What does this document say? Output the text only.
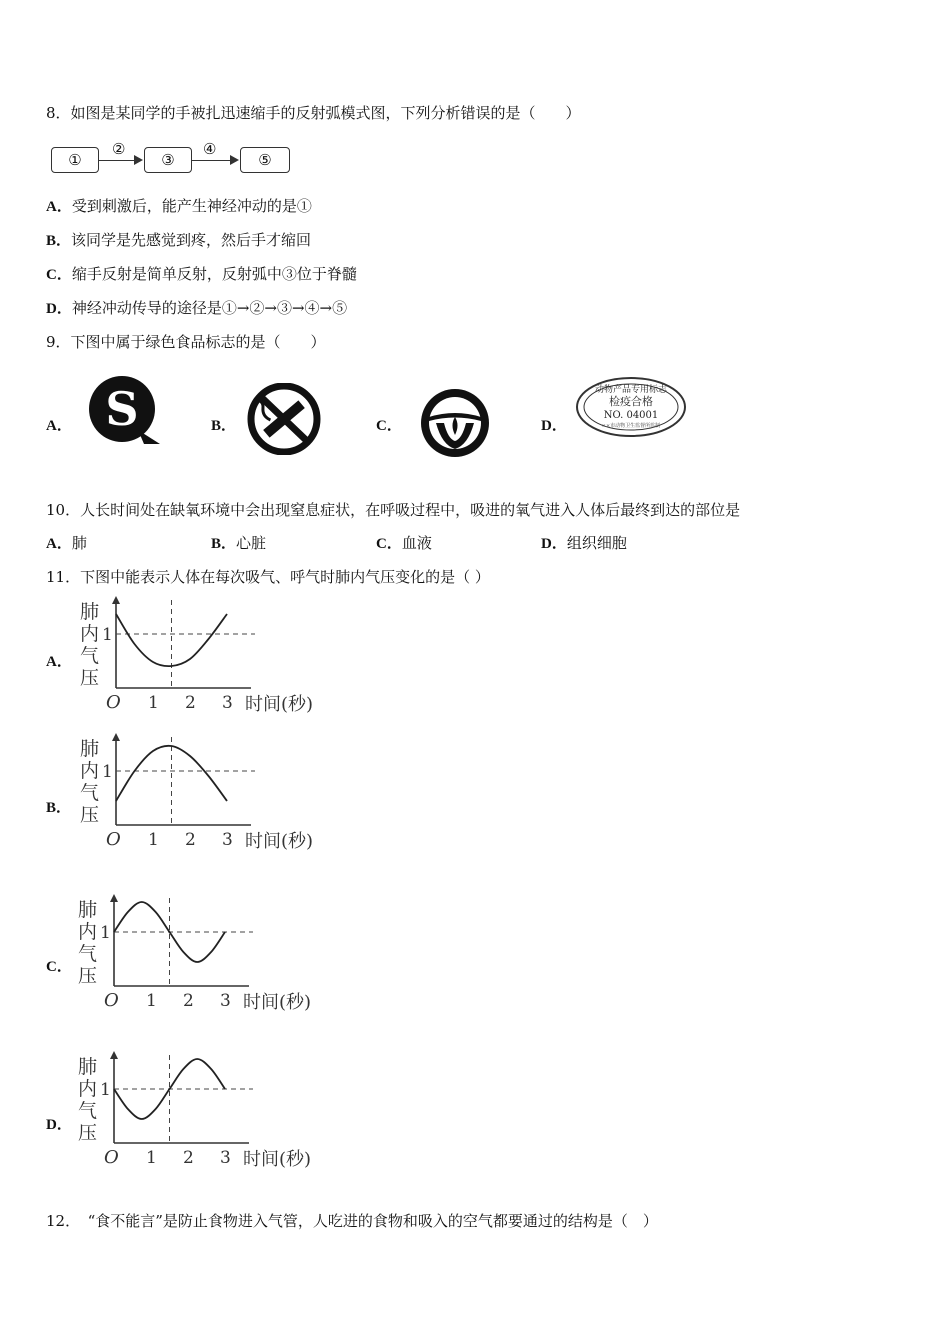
8．如图是某同学的手被扎迅速缩手的反射弧模式图，下列分析错误的是（　　）
①
②
③
④
⑤
A．受到刺激后，能产生神经冲动的是①
B．该同学是先感觉到疼，然后手才缩回
C．缩手反射是简单反射，反射弧中③位于脊髓
D．神经冲动传导的途径是①→②→③→④→⑤
9．下图中属于绿色食品标志的是（　　）
A． S	B．	C．	D．
动物产品专用标志
检疫合格
NO. 04001
××市动物卫生监督所监制
10．人长时间处在缺氧环境中会出现窒息症状，在呼吸过程中，吸进的氧气进入人体后最终到达的部位是
A．肺	B．心脏	C．血液	D．组织细胞
11．下图中能表示人体在每次吸气、呼气时肺内气压变化的是（ ）
A．
B．
C．
D．
肺
内
气
压
1
O 1 2 3 时间(秒)
肺
内
气
压
1
O 1 2 3 时间(秒)
肺
内
气
压
1
O 1 2 3 时间(秒)
肺
内
气
压
1
O 1 2 3 时间(秒)
12．　“食不能言”是防止食物进入气管，人吃进的食物和吸入的空气都要通过的结构是（　）
